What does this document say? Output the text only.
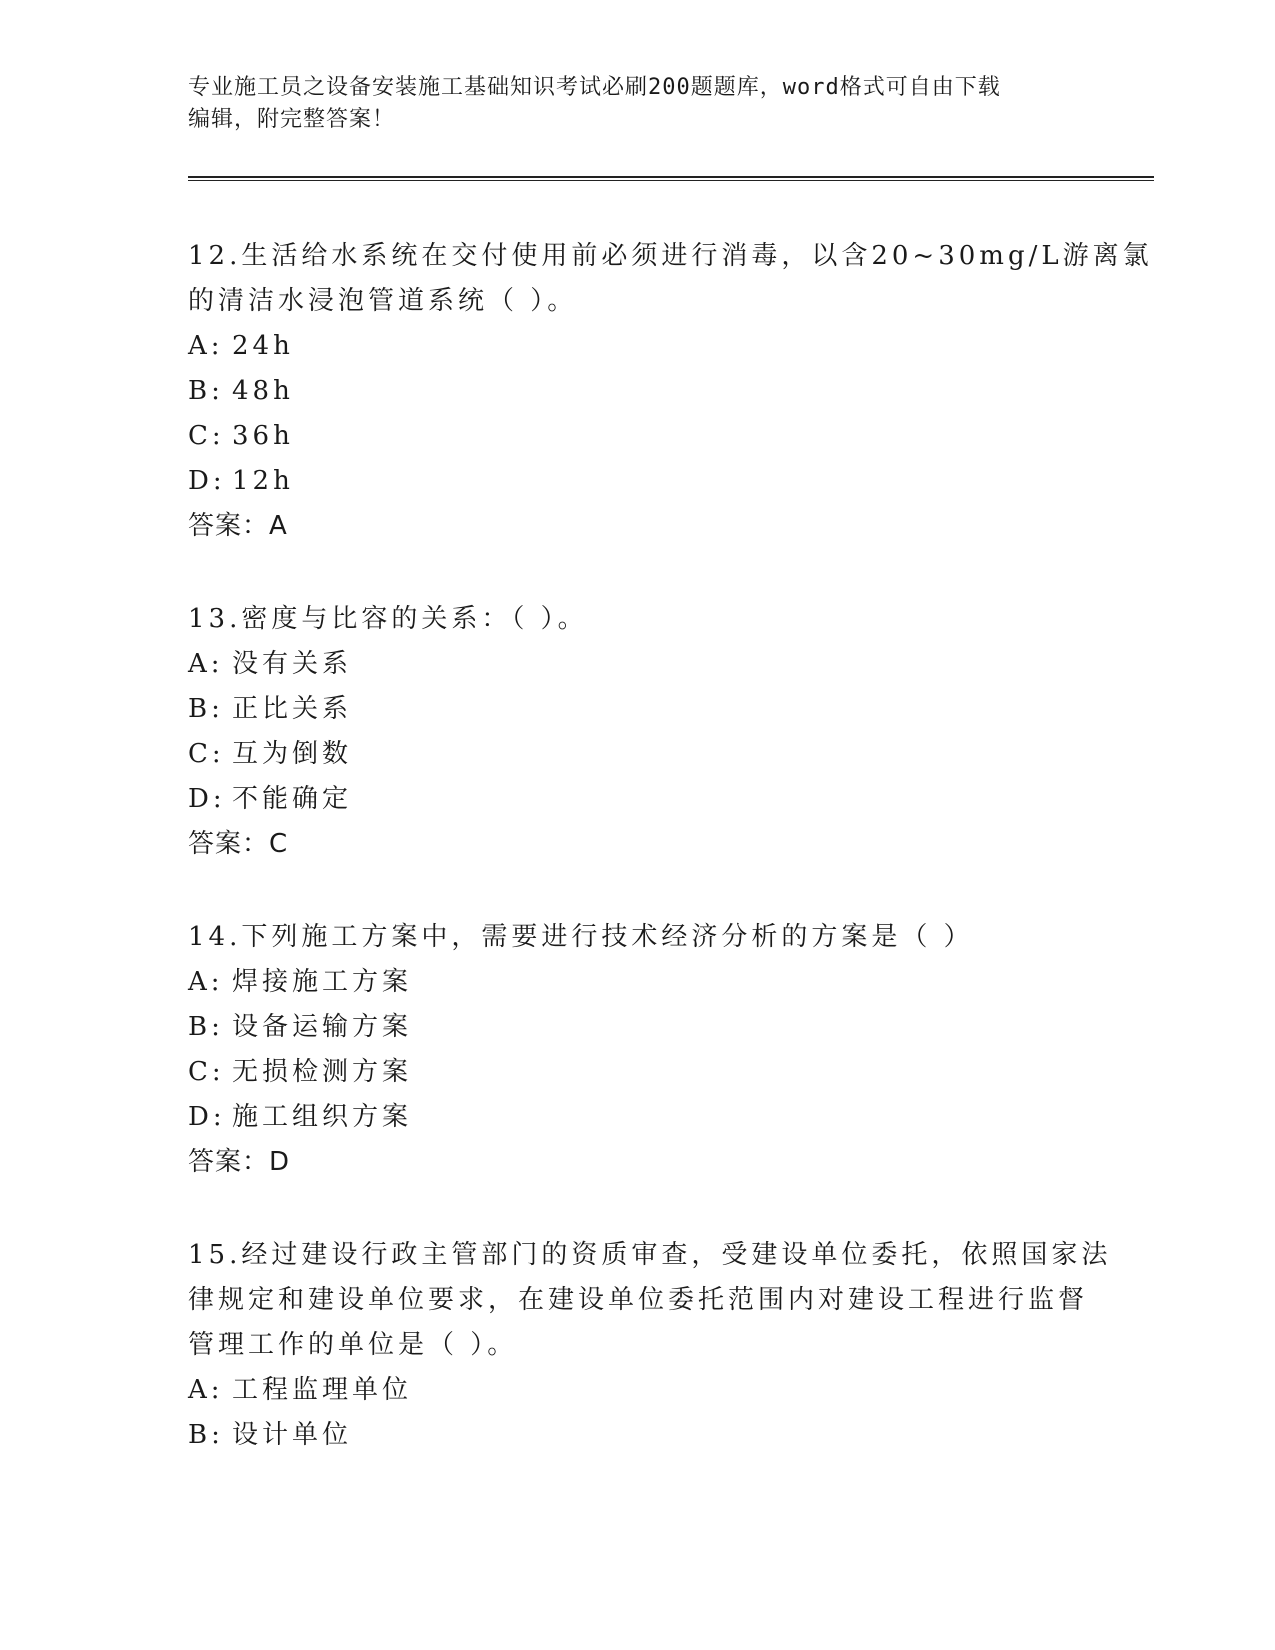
专业施工员之设备安装施工基础知识考试必刷200题题库，word格式可自由下载
编辑，附完整答案！
12.生活给水系统在交付使用前必须进行消毒，以含20~30mg/L游离氯
的清洁水浸泡管道系统（ ）。
A: 24h
B: 48h
C: 36h
D: 12h
答案：A
13.密度与比容的关系：（ ）。
A: 没有关系
B: 正比关系
C: 互为倒数
D: 不能确定
答案：C
14.下列施工方案中，需要进行技术经济分析的方案是（ ）
A: 焊接施工方案
B: 设备运输方案
C: 无损检测方案
D: 施工组织方案
答案：D
15.经过建设行政主管部门的资质审查，受建设单位委托，依照国家法
律规定和建设单位要求，在建设单位委托范围内对建设工程进行监督
管理工作的单位是（ ）。
A: 工程监理单位
B: 设计单位
